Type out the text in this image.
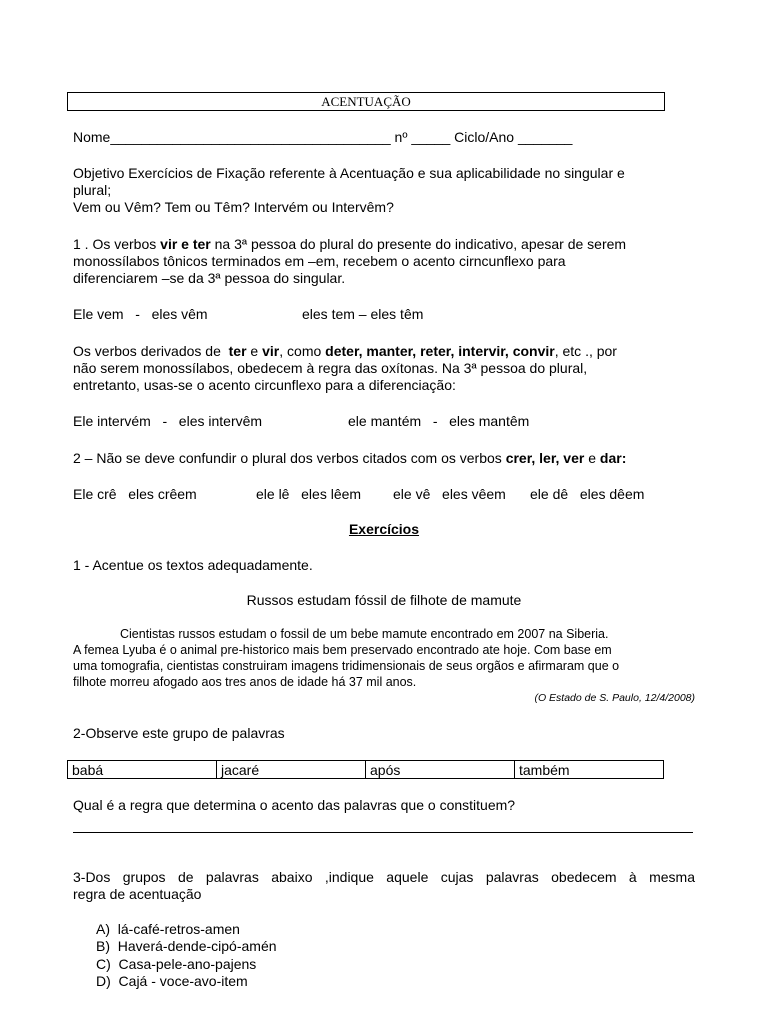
ACENTUAÇÃO
Nome____________________________________ nº _____ Ciclo/Ano _______
Objetivo Exercícios de Fixação referente à Acentuação e sua aplicabilidade no singular e
plural;
Vem ou Vêm? Tem ou Têm? Intervém ou Intervêm?
1 . Os verbos vir e ter na 3ª pessoa do plural do presente do indicativo, apesar de serem
monossílabos tônicos terminados em –em, recebem o acento cirncunflexo para
diferenciarem –se da 3ª pessoa do singular.
Ele vem   -   eles vêm	eles tem – eles têm
Os verbos derivados de  ter e vir, como deter, manter, reter, intervir, convir, etc ., por
não serem monossílabos, obedecem à regra das oxítonas. Na 3ª pessoa do plural,
entretanto, usas-se o acento circunflexo para a diferenciação:
Ele intervém   -   eles intervêm	ele mantém   -   eles mantêm
2 – Não se deve confundir o plural dos verbos citados com os verbos crer, ler, ver e dar:
Ele crê   eles crêem	ele lê   eles lêem ele vê   eles vêem ele dê   eles dêem
Exercícios
1 - Acentue os textos adequadamente.
Russos estudam fóssil de filhote de mamute
Cientistas russos estudam o fossil de um bebe mamute encontrado em 2007 na Siberia.
A femea Lyuba é o animal pre-historico mais bem preservado encontrado ate hoje. Com base em
uma tomografia, cientistas construiram imagens tridimensionais de seus orgãos e afirmaram que o
filhote morreu afogado aos tres anos de idade há 37 mil anos.
(O Estado de S. Paulo, 12/4/2008)
2-Observe este grupo de palavras
babá	jacaré	após	também
Qual é a regra que determina o acento das palavras que o constituem?
3-Dos grupos de palavras abaixo ,indique aquele cujas palavras obedecem à mesma
regra de acentuação
A)  lá-café-retros-amen
B)  Haverá-dende-cipó-amén
C)  Casa-pele-ano-pajens
D)  Cajá - voce-avo-item
